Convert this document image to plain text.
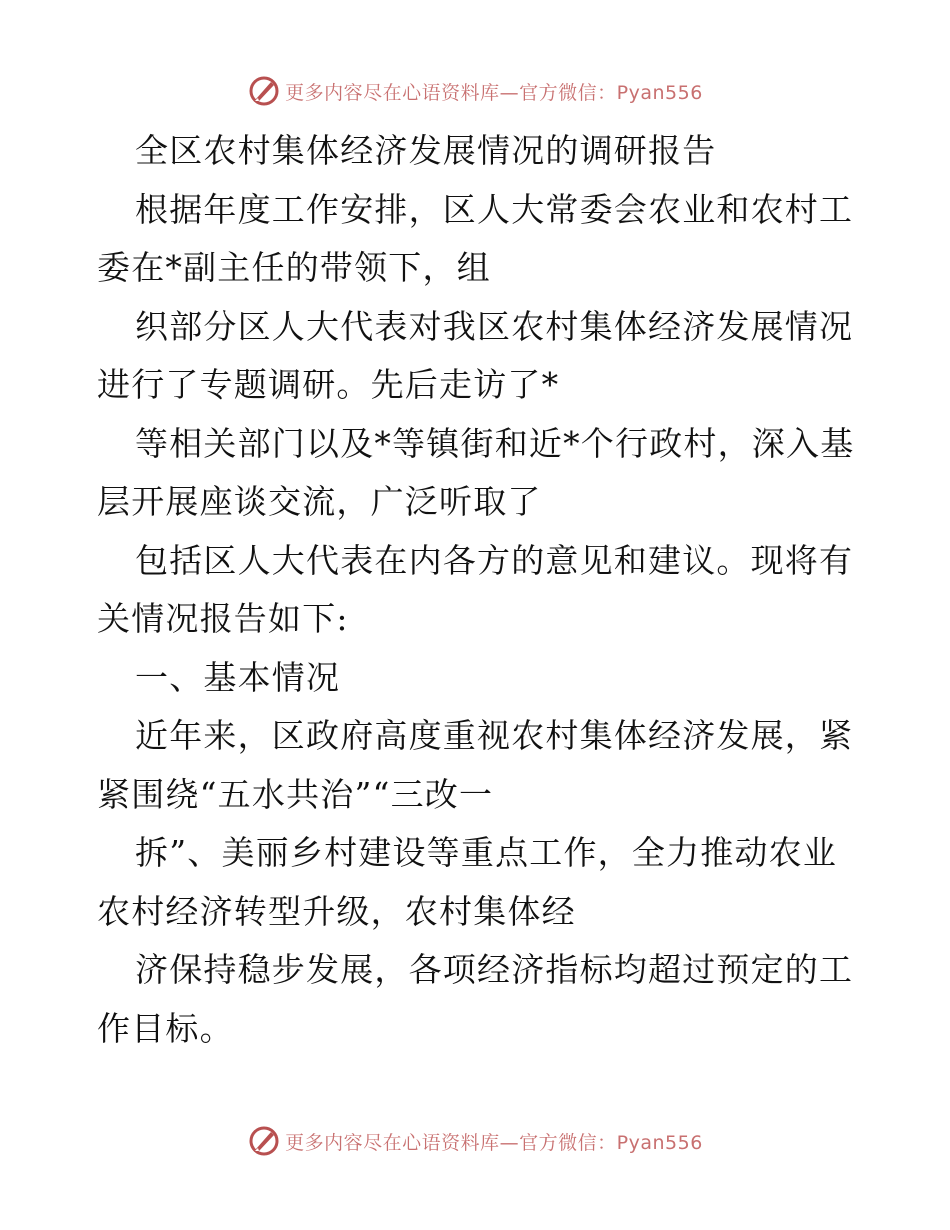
更多内容尽在心语资料库—官方微信：Pyan556

全区农村集体经济发展情况的调研报告

根据年度工作安排，区人大常委会农业和农村工委在*副主任的带领下，组

织部分区人大代表对我区农村集体经济发展情况进行了专题调研。先后走访了*

等相关部门以及*等镇街和近*个行政村，深入基层开展座谈交流，广泛听取了

包括区人大代表在内各方的意见和建议。现将有关情况报告如下:

一、基本情况

近年来，区政府高度重视农村集体经济发展，紧紧围绕“五水共治”“三改一

拆”、美丽乡村建设等重点工作，全力推动农业农村经济转型升级，农村集体经

济保持稳步发展，各项经济指标均超过预定的工作目标。

更多内容尽在心语资料库—官方微信：Pyan556
